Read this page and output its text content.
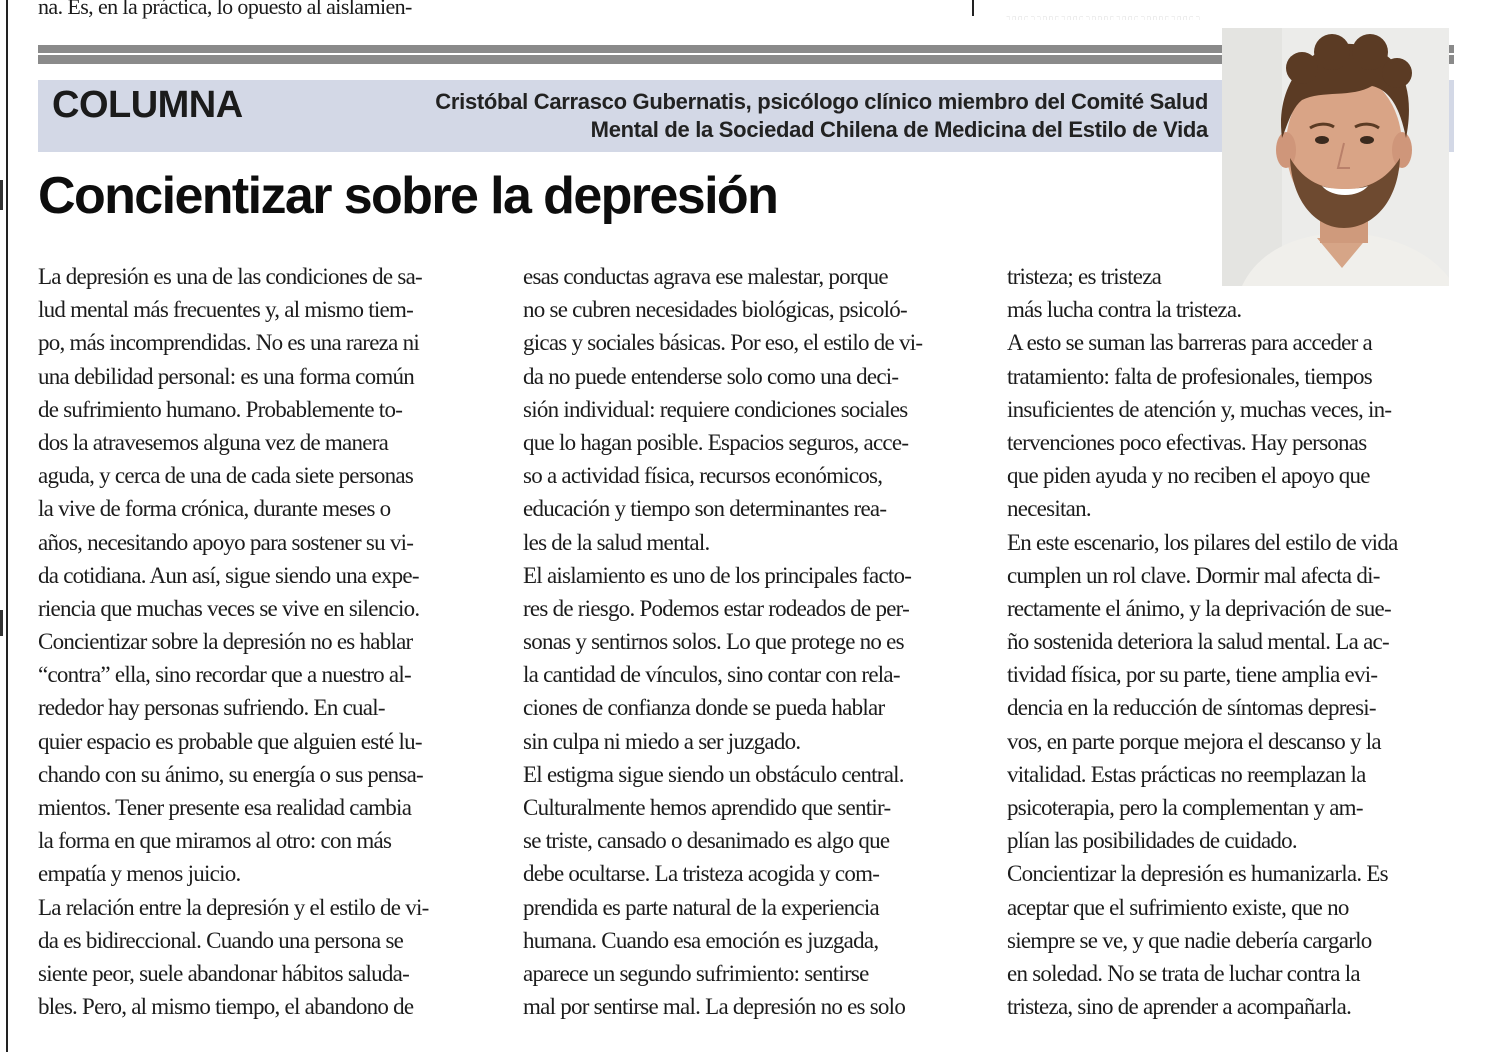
na. Es, en la práctica, lo opuesto al aislamien-	................................
COLUMNA	Cristóbal Carrasco Gubernatis, psicólogo clínico miembro del Comité Salud
Mental de la Sociedad Chilena de Medicina del Estilo de Vida
Concientizar sobre la depresión
La depresión es una de las condiciones de sa-
lud mental más frecuentes y, al mismo tiem-
po, más incomprendidas. No es una rareza ni
una debilidad personal: es una forma común
de sufrimiento humano. Probablemente to-
dos la atravesemos alguna vez de manera
aguda, y cerca de una de cada siete personas
la vive de forma crónica, durante meses o
años, necesitando apoyo para sostener su vi-
da cotidiana. Aun así, sigue siendo una expe-
riencia que muchas veces se vive en silencio.
Concientizar sobre la depresión no es hablar
“contra” ella, sino recordar que a nuestro al-
rededor hay personas sufriendo. En cual-
quier espacio es probable que alguien esté lu-
chando con su ánimo, su energía o sus pensa-
mientos. Tener presente esa realidad cambia
la forma en que miramos al otro: con más
empatía y menos juicio.
La relación entre la depresión y el estilo de vi-
da es bidireccional. Cuando una persona se
siente peor, suele abandonar hábitos saluda-
bles. Pero, al mismo tiempo, el abandono de
esas conductas agrava ese malestar, porque
no se cubren necesidades biológicas, psicoló-
gicas y sociales básicas. Por eso, el estilo de vi-
da no puede entenderse solo como una deci-
sión individual: requiere condiciones sociales
que lo hagan posible. Espacios seguros, acce-
so a actividad física, recursos económicos,
educación y tiempo son determinantes rea-
les de la salud mental.
El aislamiento es uno de los principales facto-
res de riesgo. Podemos estar rodeados de per-
sonas y sentirnos solos. Lo que protege no es
la cantidad de vínculos, sino contar con rela-
ciones de confianza donde se pueda hablar
sin culpa ni miedo a ser juzgado.
El estigma sigue siendo un obstáculo central.
Culturalmente hemos aprendido que sentir-
se triste, cansado o desanimado es algo que
debe ocultarse. La tristeza acogida y com-
prendida es parte natural de la experiencia
humana. Cuando esa emoción es juzgada,
aparece un segundo sufrimiento: sentirse
mal por sentirse mal. La depresión no es solo
tristeza; es tristeza
más lucha contra la tristeza.
A esto se suman las barreras para acceder a
tratamiento: falta de profesionales, tiempos
insuficientes de atención y, muchas veces, in-
tervenciones poco efectivas. Hay personas
que piden ayuda y no reciben el apoyo que
necesitan.
En este escenario, los pilares del estilo de vida
cumplen un rol clave. Dormir mal afecta di-
rectamente el ánimo, y la deprivación de sue-
ño sostenida deteriora la salud mental. La ac-
tividad física, por su parte, tiene amplia evi-
dencia en la reducción de síntomas depresi-
vos, en parte porque mejora el descanso y la
vitalidad. Estas prácticas no reemplazan la
psicoterapia, pero la complementan y am-
plían las posibilidades de cuidado.
Concientizar la depresión es humanizarla. Es
aceptar que el sufrimiento existe, que no
siempre se ve, y que nadie debería cargarlo
en soledad. No se trata de luchar contra la
tristeza, sino de aprender a acompañarla.
